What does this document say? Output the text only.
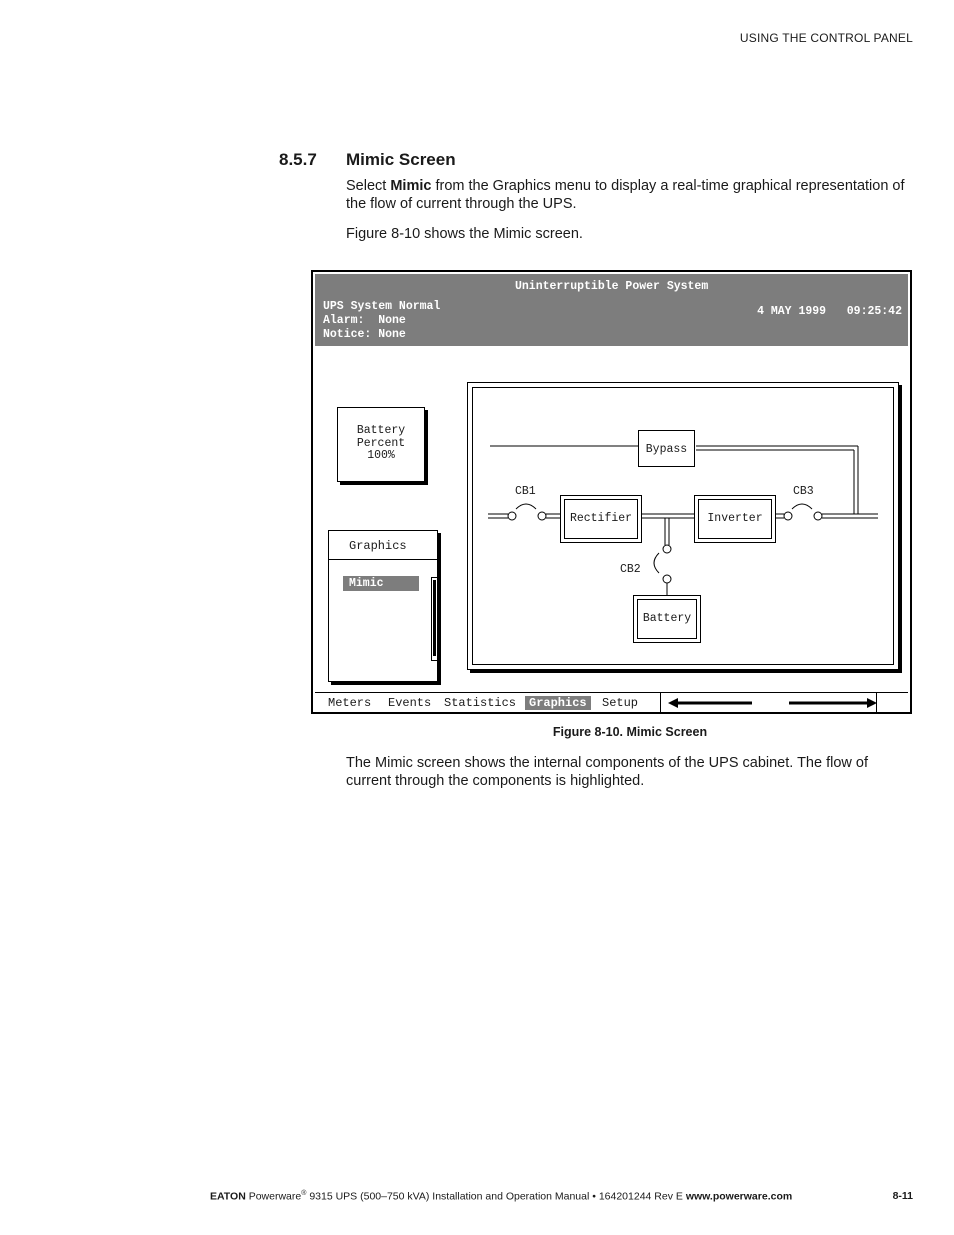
USING THE CONTROL PANEL
8.5.7 Mimic Screen
Select Mimic from the Graphics menu to display a real-time graphical representation of the flow of current through the UPS.
Figure 8-10 shows the Mimic screen.
Uninterruptible Power System
UPS System Normal
Alarm:  None
Notice: None
4 MAY 1999   09:25:42
Battery
Percent
100%
Graphics
Mimic
Bypass
Rectifier	Inverter
Battery
CB1	CB3
CB2
Meters Events Statistics	Graphics	Setup
Figure 8-10. Mimic Screen
The Mimic screen shows the internal components of the UPS cabinet. The flow of current through the components is highlighted.
EATON Powerware® 9315 UPS (500–750 kVA) Installation and Operation Manual • 164201244 Rev E www.powerware.com	8-11
